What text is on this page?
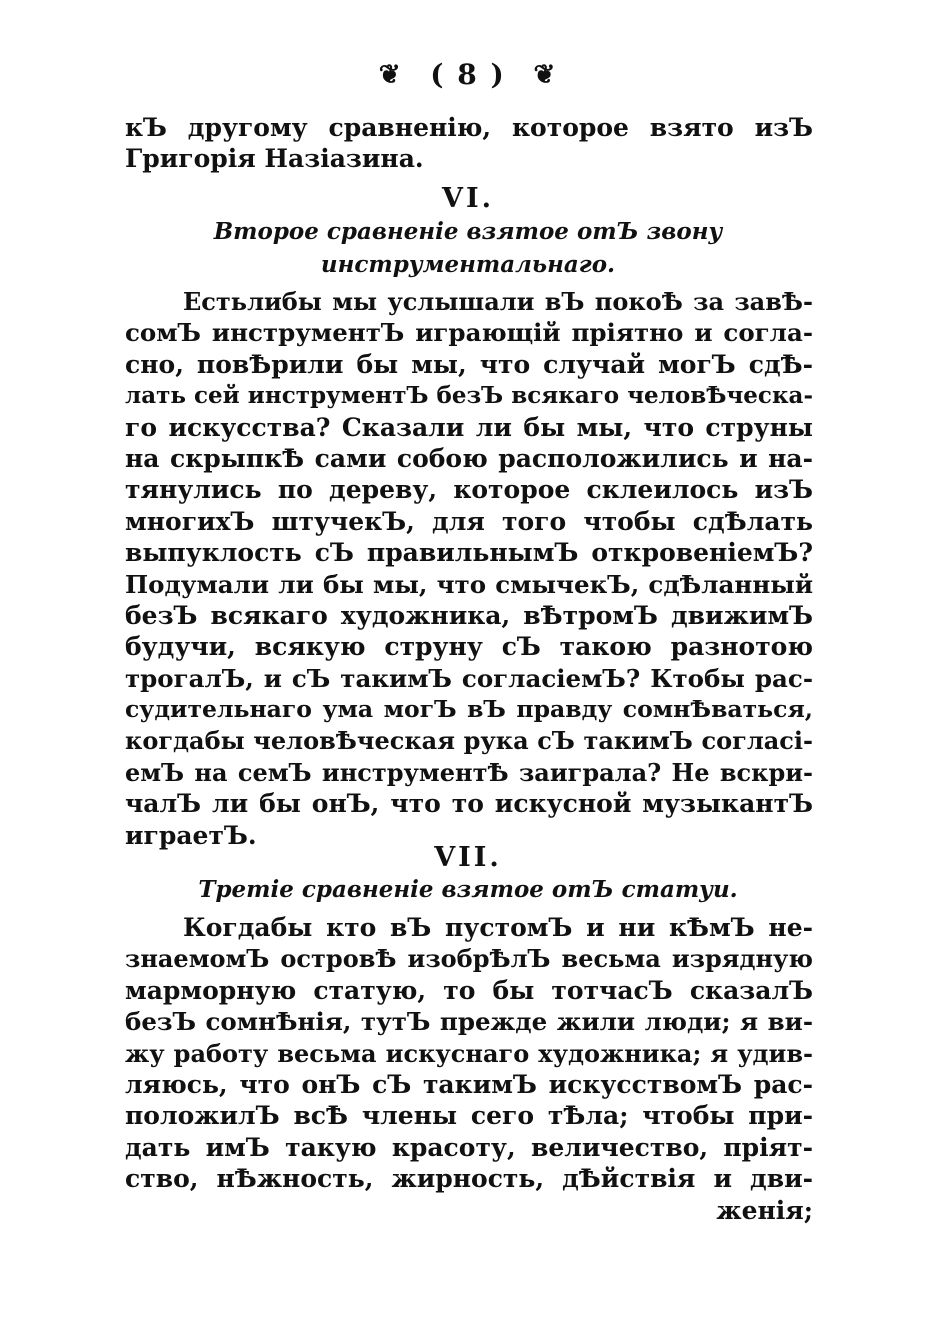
❦ ( 8 ) ❦
кЪ другому сравненію, которое взято изЪ
Григорія Назіазина.
VI.
Второе сравненіе взятое отЪ звону
инструментальнаго.
Естьлибы мы услышали вЪ покоѢ за завѢ-
сомЪ инструментЪ играющій пріятно и согла-
сно, повѢрили бы мы, что случай могЪ сдѢ-
лать сей инструментЪ безЪ всякаго человѢческа-
го искусства? Сказали ли бы мы, что струны
на скрыпкѢ сами собою расположились и на-
тянулись по дереву, которое склеилось изЪ
многихЪ штучекЪ, для того чтобы сдѢлать
выпуклость сЪ правильнымЪ откровеніемЪ?
Подумали ли бы мы, что смычекЪ, сдѢланный
безЪ всякаго художника, вѢтромЪ движимЪ
будучи, всякую струну сЪ такою разнотою
трогалЪ, и сЪ такимЪ согласіемЪ? Ктобы рас-
судительнаго ума могЪ вЪ правду сомнѢваться,
когдабы человѢческая рука сЪ такимЪ согласі-
емЪ на семЪ инструментѢ заиграла? Не вскри-
чалЪ ли бы онЪ, что то искусной музыкантЪ
играетЪ.
VII.
Третіе сравненіе взятое отЪ статуи.
Когдабы кто вЪ пустомЪ и ни кѢмЪ не-
знаемомЪ островѢ изобрѢлЪ весьма изрядную
марморную статую, то бы тотчасЪ сказалЪ
безЪ сомнѢнія, тутЪ прежде жили люди; я ви-
жу работу весьма искуснаго художника; я удив-
ляюсь, что онЪ сЪ такимЪ искусствомЪ рас-
положилЪ всѢ члены сего тѢла; чтобы при-
дать имЪ такую красоту, величество, пріят-
ство, нѢжность, жирность, дѢйствія и дви-
женія;
